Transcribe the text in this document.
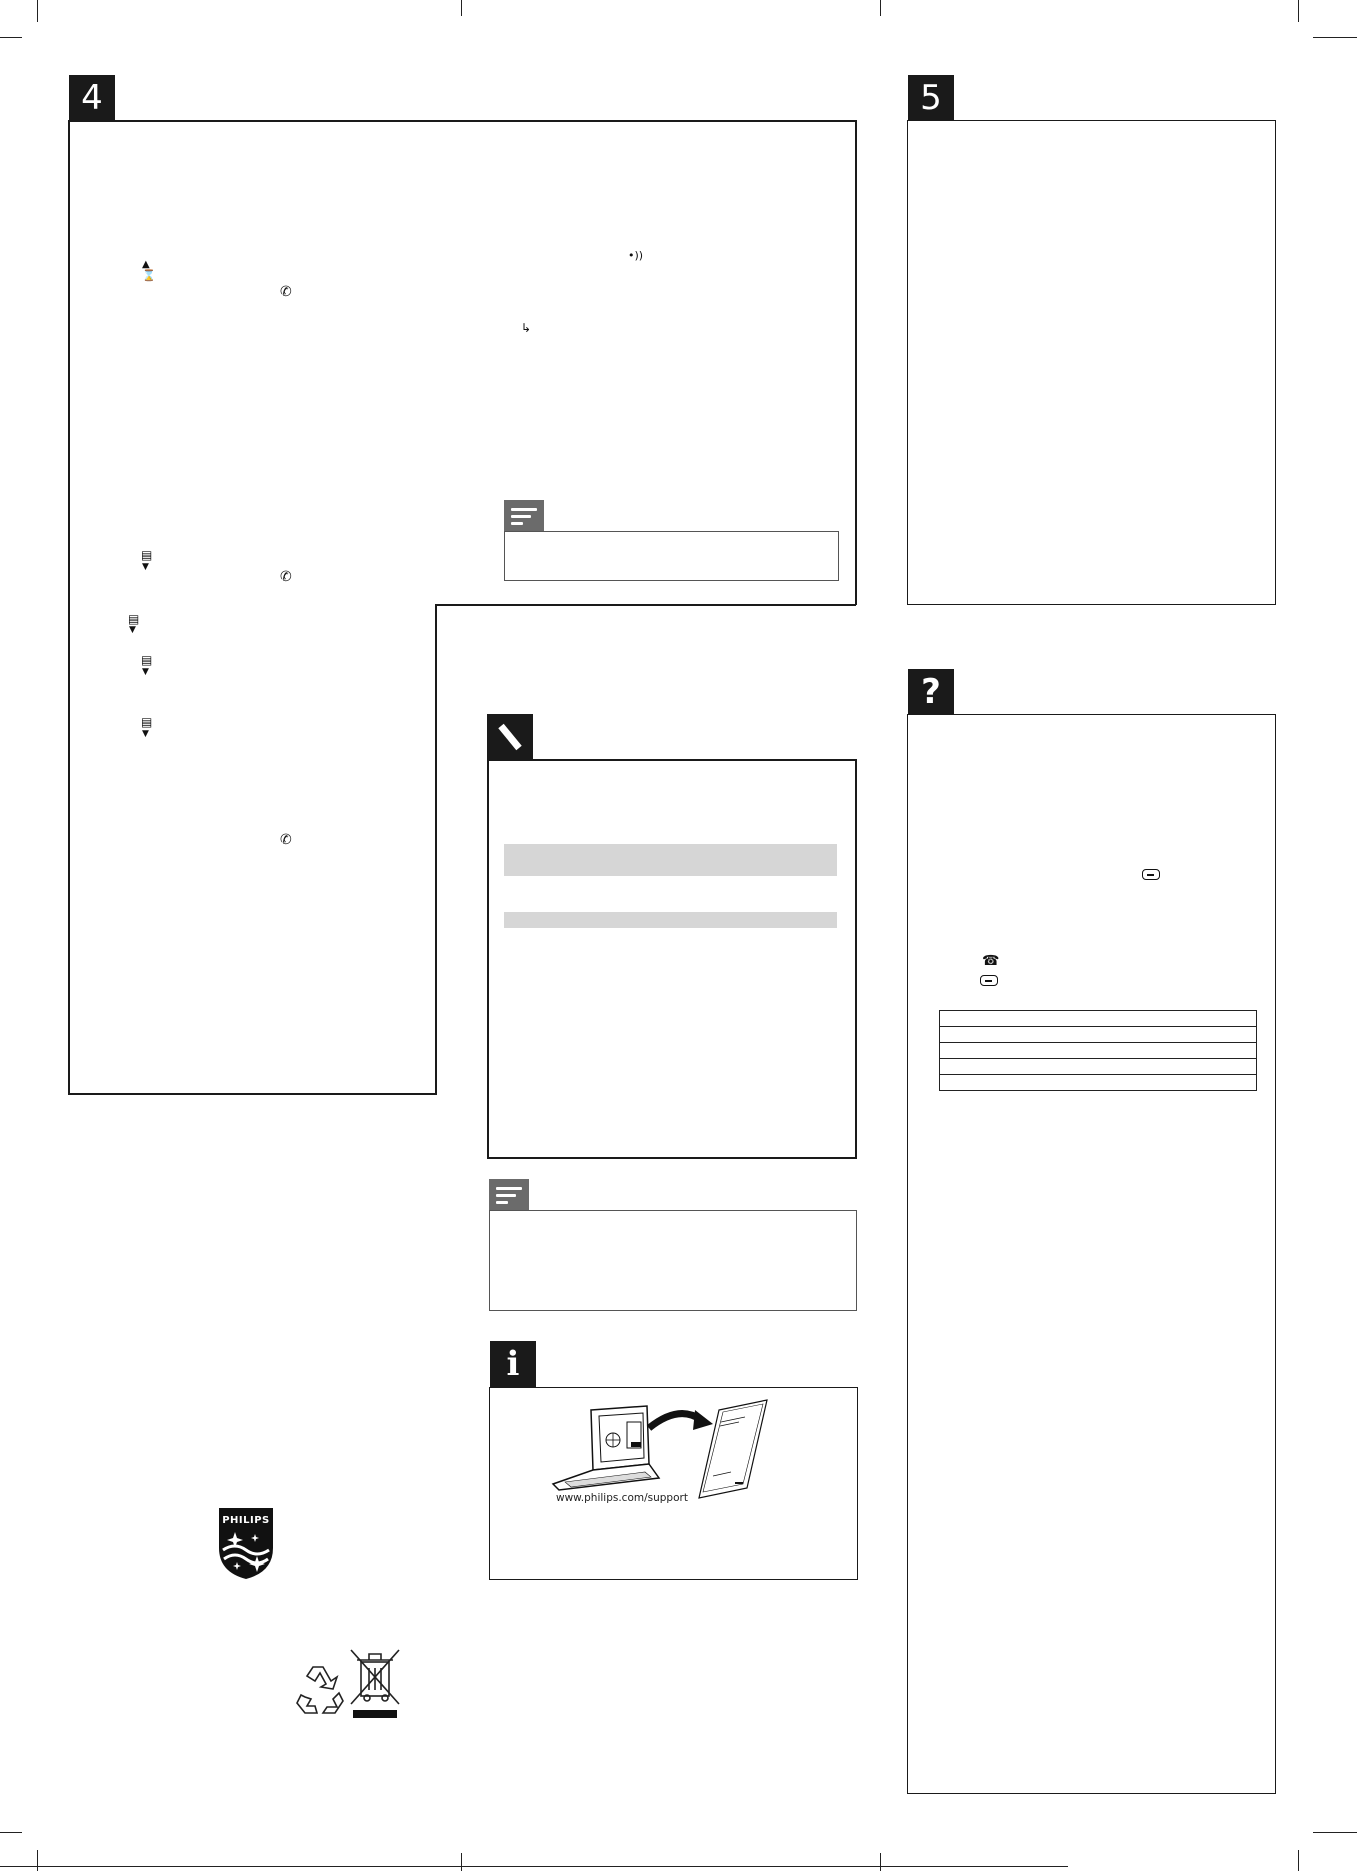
4
▲
⌛
✆
•))
↳
▤
▼
✆
▤
▼
▤
▼
▤
▼
✆
5
?
☎

i
www.philips.com/support
PHILIPS
